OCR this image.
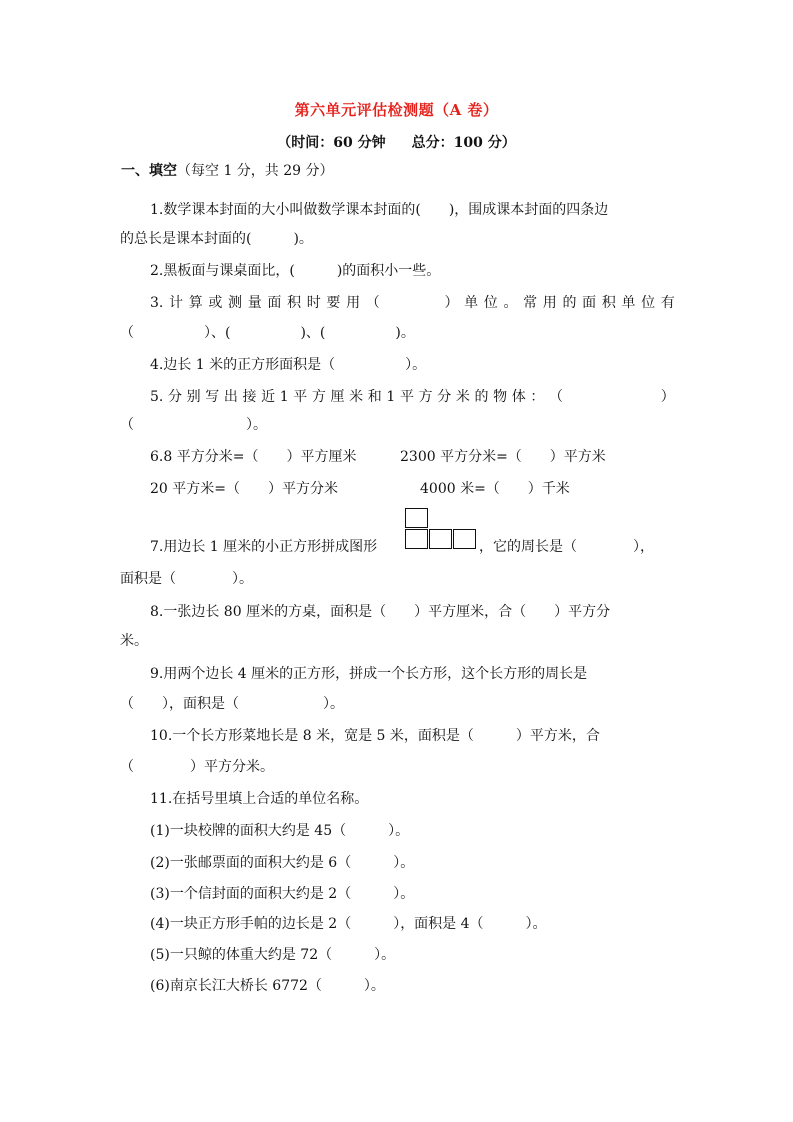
第六单元评估检测题（A 卷）
（时间：60 分钟 总分：100 分）
一、填空（每空 1 分，共 29 分）
1.数学课本封面的大小叫做数学课本封面的(　　)，围成课本封面的四条边
的总长是课本封面的(　　　)。
2.黑板面与课桌面比，(　　　)的面积小一些。
3. 计 算 或 测 量 面 积 时 要 用 （

　	） 单 位 。 常 用 的 面 积 单 位 有
（　　　　　）、(　　　　　)、(　　　　　)。
4.边长 1 米的正方形面积是（　　　　　）。
5. 分 别 写 出 接 近 1 平 方 厘 米 和 1 平 方 分 米 的 物 体 ： （

　	）
（　　　　　　　　）。
6.8 平方分米=（　　）平方厘米	2300 平方分米=（　　）平方米
20 平方米=（　　）平方分米	4000 米=（　　）千米
7.用边长 1 厘米的小正方形拼成图形	，它的周长是（　　　　），
面积是（　　　　）。
8.一张边长 80 厘米的方桌，面积是（　　）平方厘米，合（　　）平方分
米。
9.用两个边长 4 厘米的正方形，拼成一个长方形，这个长方形的周长是
（　　），面积是（　　　　　　）。
10.一个长方形菜地长是 8 米，宽是 5 米，面积是（　　　）平方米，合
（　　　　）平方分米。
11.在括号里填上合适的单位名称。
(1)一块校牌的面积大约是 45（　　　）。
(2)一张邮票面的面积大约是 6（　　　）。
(3)一个信封面的面积大约是 2（　　　）。
(4)一块正方形手帕的边长是 2（　　　），面积是 4（　　　）。
(5)一只鲸的体重大约是 72（　　　）。
(6)南京长江大桥长 6772（　　　）。
